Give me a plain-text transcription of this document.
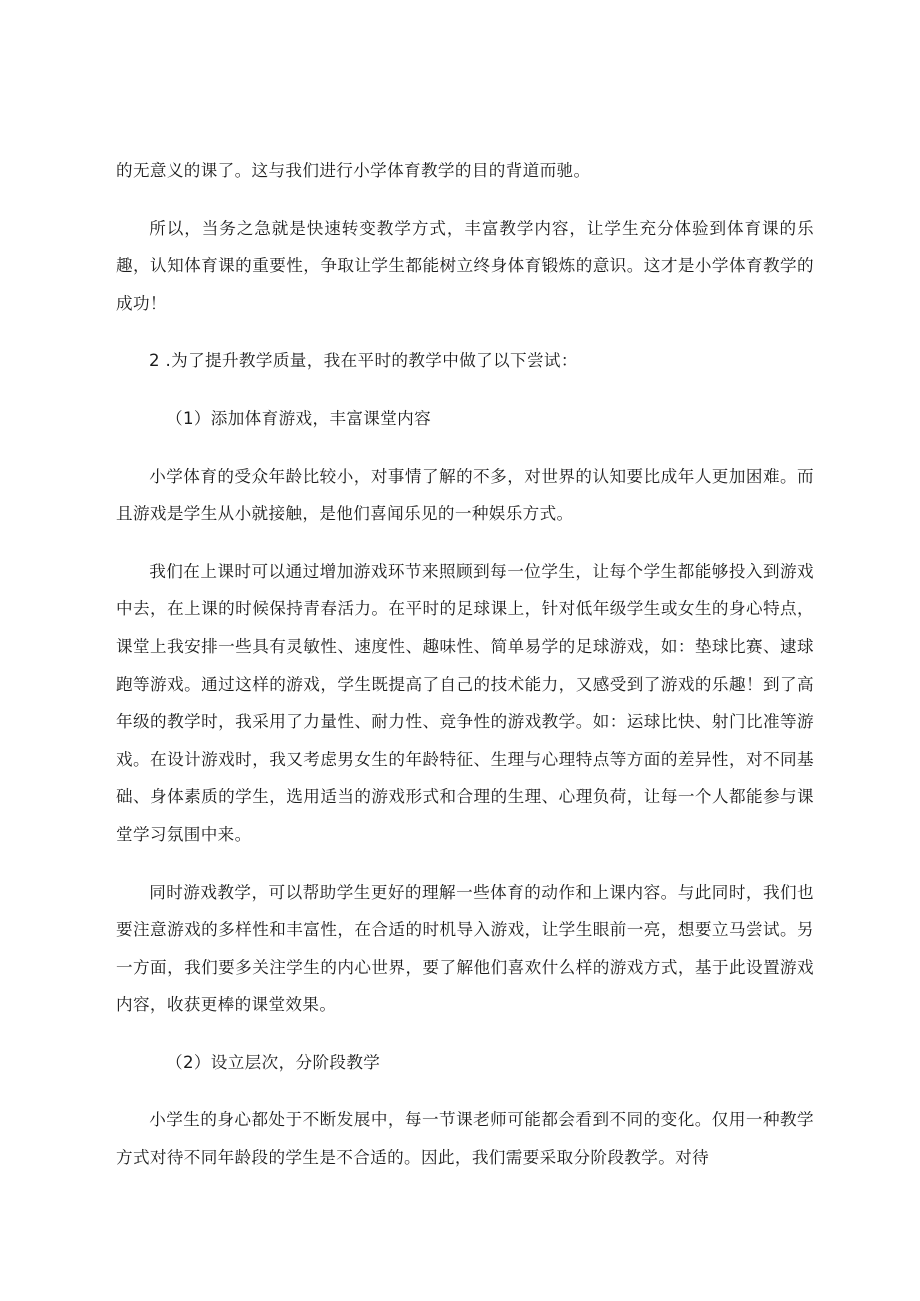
的无意义的课了。这与我们进行小学体育教学的目的背道而驰。

所以，当务之急就是快速转变教学方式，丰富教学内容，让学生充分体验到体育课的乐趣，认知体育课的重要性，争取让学生都能树立终身体育锻炼的意识。这才是小学体育教学的成功！

2 .为了提升教学质量，我在平时的教学中做了以下尝试：

（1）添加体育游戏，丰富课堂内容

小学体育的受众年龄比较小，对事情了解的不多，对世界的认知要比成年人更加困难。而且游戏是学生从小就接触，是他们喜闻乐见的一种娱乐方式。

我们在上课时可以通过增加游戏环节来照顾到每一位学生，让每个学生都能够投入到游戏中去，在上课的时候保持青春活力。在平时的足球课上，针对低年级学生或女生的身心特点，课堂上我安排一些具有灵敏性、速度性、趣味性、简单易学的足球游戏，如：垫球比赛、逮球跑等游戏。通过这样的游戏，学生既提高了自己的技术能力，又感受到了游戏的乐趣！到了高年级的教学时，我采用了力量性、耐力性、竞争性的游戏教学。如：运球比快、射门比准等游戏。在设计游戏时，我又考虑男女生的年龄特征、生理与心理特点等方面的差异性，对不同基础、身体素质的学生，选用适当的游戏形式和合理的生理、心理负荷，让每一个人都能参与课堂学习氛围中来。

同时游戏教学，可以帮助学生更好的理解一些体育的动作和上课内容。与此同时，我们也要注意游戏的多样性和丰富性，在合适的时机导入游戏，让学生眼前一亮，想要立马尝试。另一方面，我们要多关注学生的内心世界，要了解他们喜欢什么样的游戏方式，基于此设置游戏内容，收获更棒的课堂效果。

（2）设立层次，分阶段教学

小学生的身心都处于不断发展中，每一节课老师可能都会看到不同的变化。仅用一种教学方式对待不同年龄段的学生是不合适的。因此，我们需要采取分阶段教学。对待
